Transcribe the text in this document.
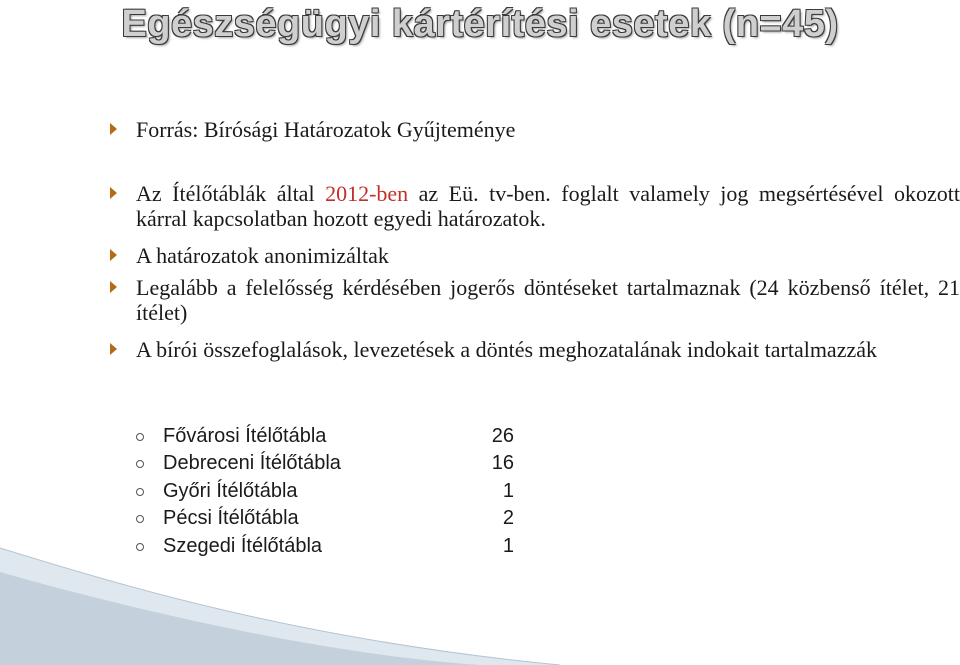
Egészségügyi kártérítési esetek (n=45)
Forrás: Bírósági Határozatok Gyűjteménye
Az Ítélőtáblák által 2012-ben az Eü. tv-ben. foglalt valamely jog megsértésével okozott kárral kapcsolatban hozott egyedi határozatok.
A határozatok anonimizáltak
Legalább a felelősség kérdésében jogerős döntéseket tartalmaznak (24 közbenső ítélet, 21 ítélet)
A bírói összefoglalások, levezetések a döntés meghozatalának indokait tartalmazzák
Fővárosi Ítélőtábla	26
Debreceni Ítélőtábla	16
Győri Ítélőtábla	1
Pécsi Ítélőtábla	2
Szegedi Ítélőtábla	1
